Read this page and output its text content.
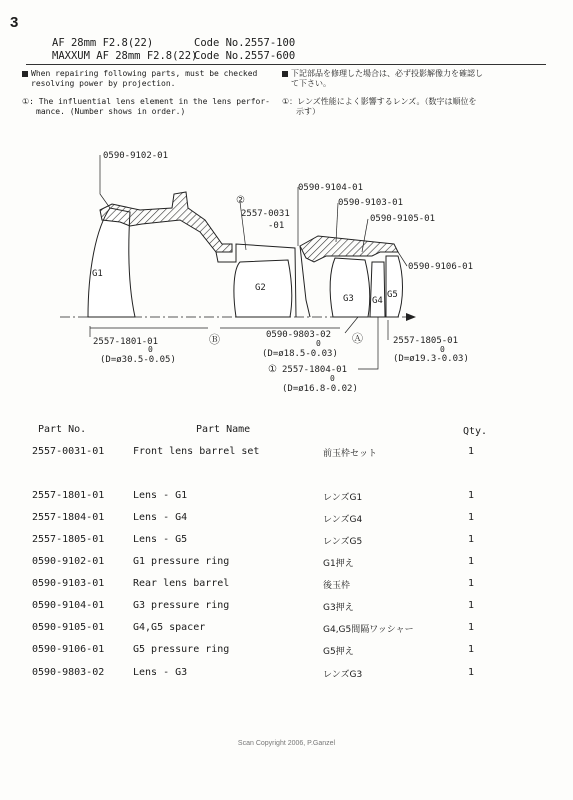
3
AF 28mm F2.8(22)	Code No.2557-100
MAXXUM AF 28mm F2.8(22)
Code No.2557-600
When repairing following parts, must be checked
resolving power by projection.
①: The influential lens element in the lens perfor-
mance. (Number shows in order.)
下記部品を修理した場合は、必ず投影解像力を確認し
て下さい。
①：レンズ性能によく影響するレンズ。（数字は順位を
示す）
0590-9102-01
②
2557-0031
-01
0590-9104-01
0590-9103-01
0590-9105-01
0590-9106-01
G1
G2
G3 G4
G5
2557-1801-01
0
(D=ø30.5-0.05)
Ⓑ	0590-9803-02
0
(D=ø18.5-0.03)
Ⓐ	2557-1805-01
0
(D=ø19.3-0.03)
① 2557-1804-01
0
(D=ø16.8-0.02)
Part No.	Part Name	Qty.
2557-0031-01	Front lens barrel set	前玉枠セット	1
2557-1801-01	Lens - G1	レンズG1	1
2557-1804-01	Lens - G4	レンズG4	1
2557-1805-01	Lens - G5	レンズG5	1
0590-9102-01	G1 pressure ring	G1押え	1
0590-9103-01	Rear lens barrel	後玉枠	1
0590-9104-01	G3 pressure ring	G3押え	1
0590-9105-01	G4,G5 spacer	G4,G5間隔ワッシャー	1
0590-9106-01	G5 pressure ring	G5押え	1
0590-9803-02	Lens - G3	レンズG3	1
Scan Copyright 2006, P.Ganzel
